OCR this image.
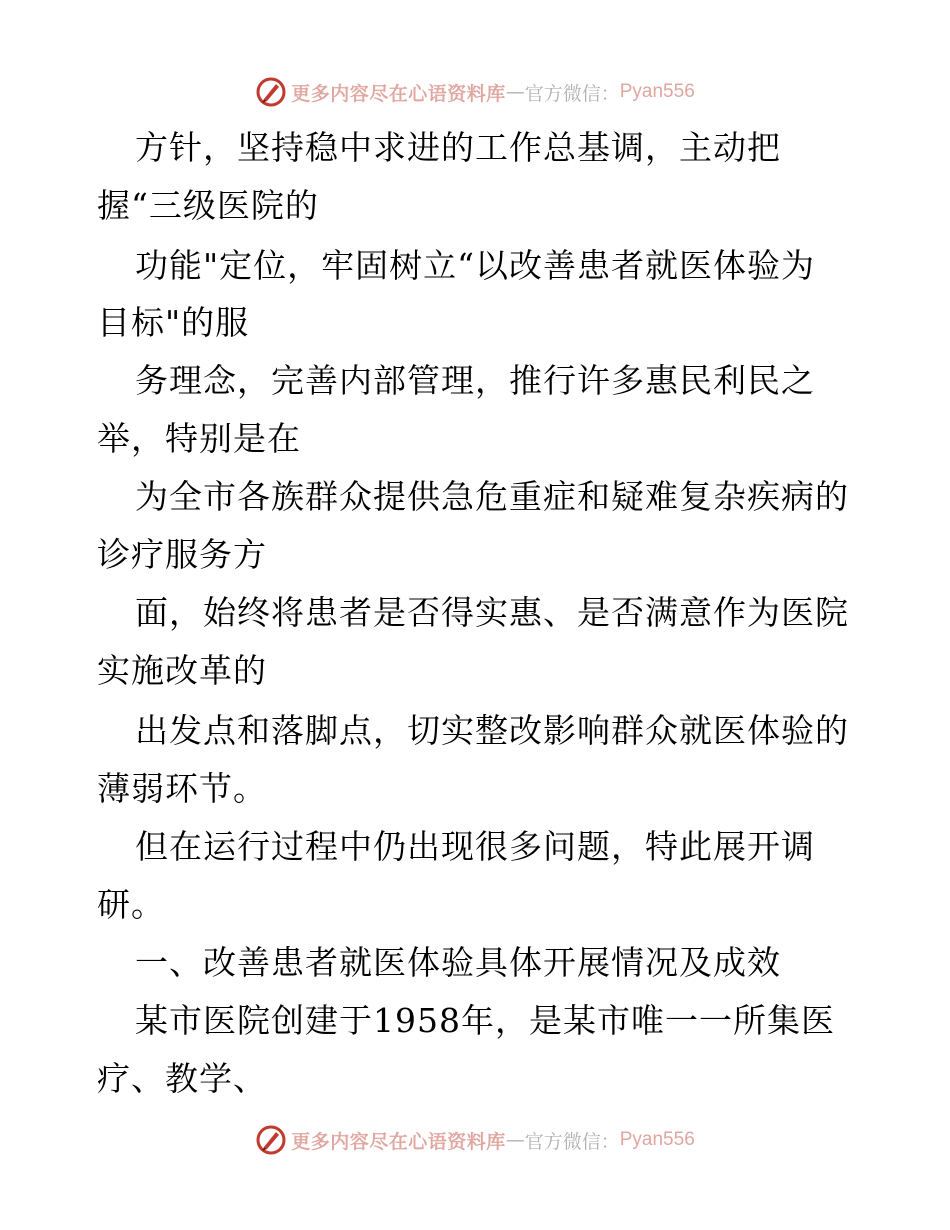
更多内容尽在心语资料库 — 官方微信： Pyan556
方针，坚持稳中求进的工作总基调，主动把
握“三级医院的
功能"定位，牢固树立“以改善患者就医体验为
目标"的服
务理念，完善内部管理，推行许多惠民利民之
举，特别是在
为全市各族群众提供急危重症和疑难复杂疾病的
诊疗服务方
面，始终将患者是否得实惠、是否满意作为医院
实施改革的
出发点和落脚点，切实整改影响群众就医体验的
薄弱环节。
但在运行过程中仍出现很多问题，特此展开调
研。
一、改善患者就医体验具体开展情况及成效
某市医院创建于1958年，是某市唯一一所集医
疗、教学、
更多内容尽在心语资料库 — 官方微信： Pyan556
